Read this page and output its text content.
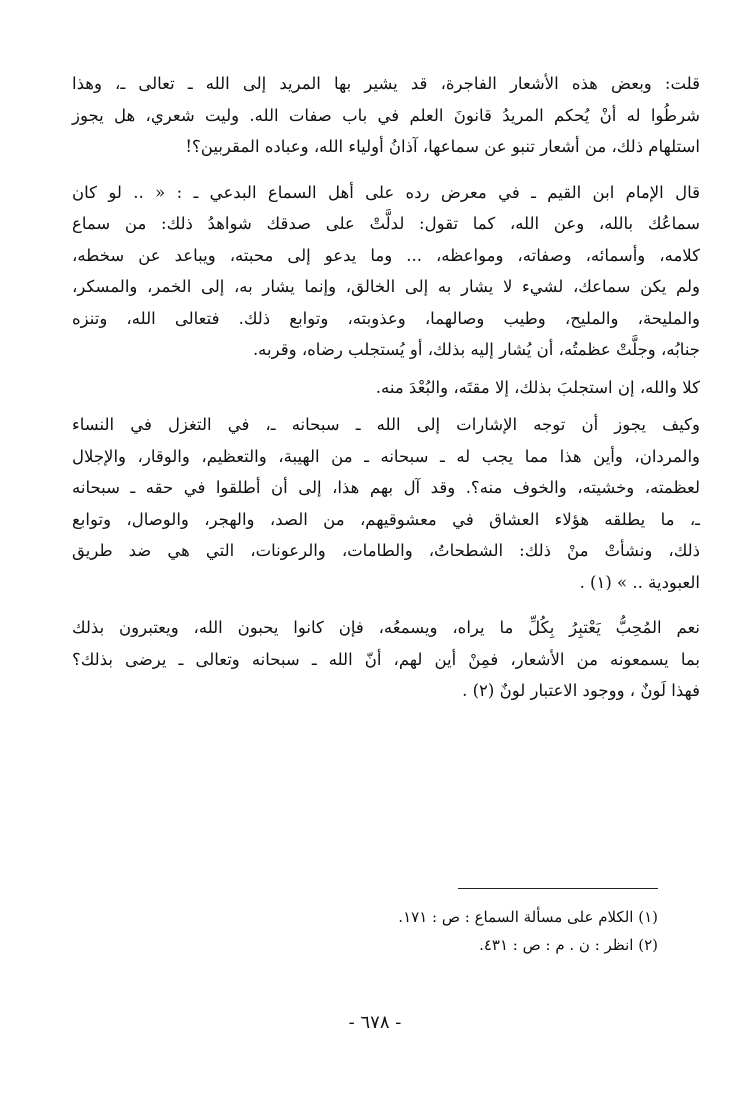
قلت: وبعض هذه الأشعار الفاجرة، قد يشير بها المريد إلى الله ـ تعالى ـ، وهذا
شرطُوا له أنْ يُحكم المريدُ قانونَ العلم في باب صفات الله. وليت شعري، هل يجوز
استلهام ذلك، من أشعار تنبو عن سماعها، آذانُ أولياء الله، وعباده المقربين؟!

قال الإمام ابن القيم ـ في معرض رده على أهل السماع البدعي ـ : « .. لو كان
سماعُك بالله، وعن الله، كما تقول: لدلَّتْ على صدقك شواهدُ ذلك: من سماع
كلامه، وأسمائه، وصفاته، ومواعظه، ... وما يدعو إلى محبته، ويباعد عن سخطه،
ولم يكن سماعك، لشيء لا يشار به إلى الخالق، وإنما يشار به، إلى الخمر، والمسكر،
والمليحة، والمليح، وطيب وصالهما، وعذوبته، وتوابع ذلك. فتعالى الله، وتنزه
جنابُه، وجلَّتْ عظمتُه، أن يُشار إليه بذلك، أو يُستجلب رضاه، وقربه.

كلا والله، إن استجلبَ بذلك، إلا مقتَه، والبُعْدَ منه.

وكيف يجوز أن توجه الإشارات إلى الله ـ سبحانه ـ، في التغزل في النساء
والمردان، وأين هذا مما يجب له ـ سبحانه ـ من الهيبة، والتعظيم، والوقار، والإجلال
لعظمته، وخشيته، والخوف منه؟. وقد آل بهم هذا، إلى أن أطلقوا في حقه ـ سبحانه
ـ، ما يطلقه هؤلاء العشاق في معشوقيهم، من الصد، والهجر، والوصال، وتوابع
ذلك، ونشأتْ منْ ذلك: الشطحاتُ، والطامات، والرعونات، التي هي ضد طريق
العبودية .. » (١) .

نعم المُحِبُّ يَعْتبِرُ بِكُلِّ ما يراه، ويسمعُه، فإن كانوا يحبون الله، ويعتبرون بذلك
بما يسمعونه من الأشعار، فمِنْ أين لهم، أنّ الله ـ سبحانه وتعالى ـ يرضى بذلك؟
فهذا لَونٌ ، ووجود الاعتبار لونٌ (٢) .

(١) الكلام على مسألة السماع : ص : ١٧١.
(٢) انظر : ن . م : ص : ٤٣١.
- ٦٧٨ -
